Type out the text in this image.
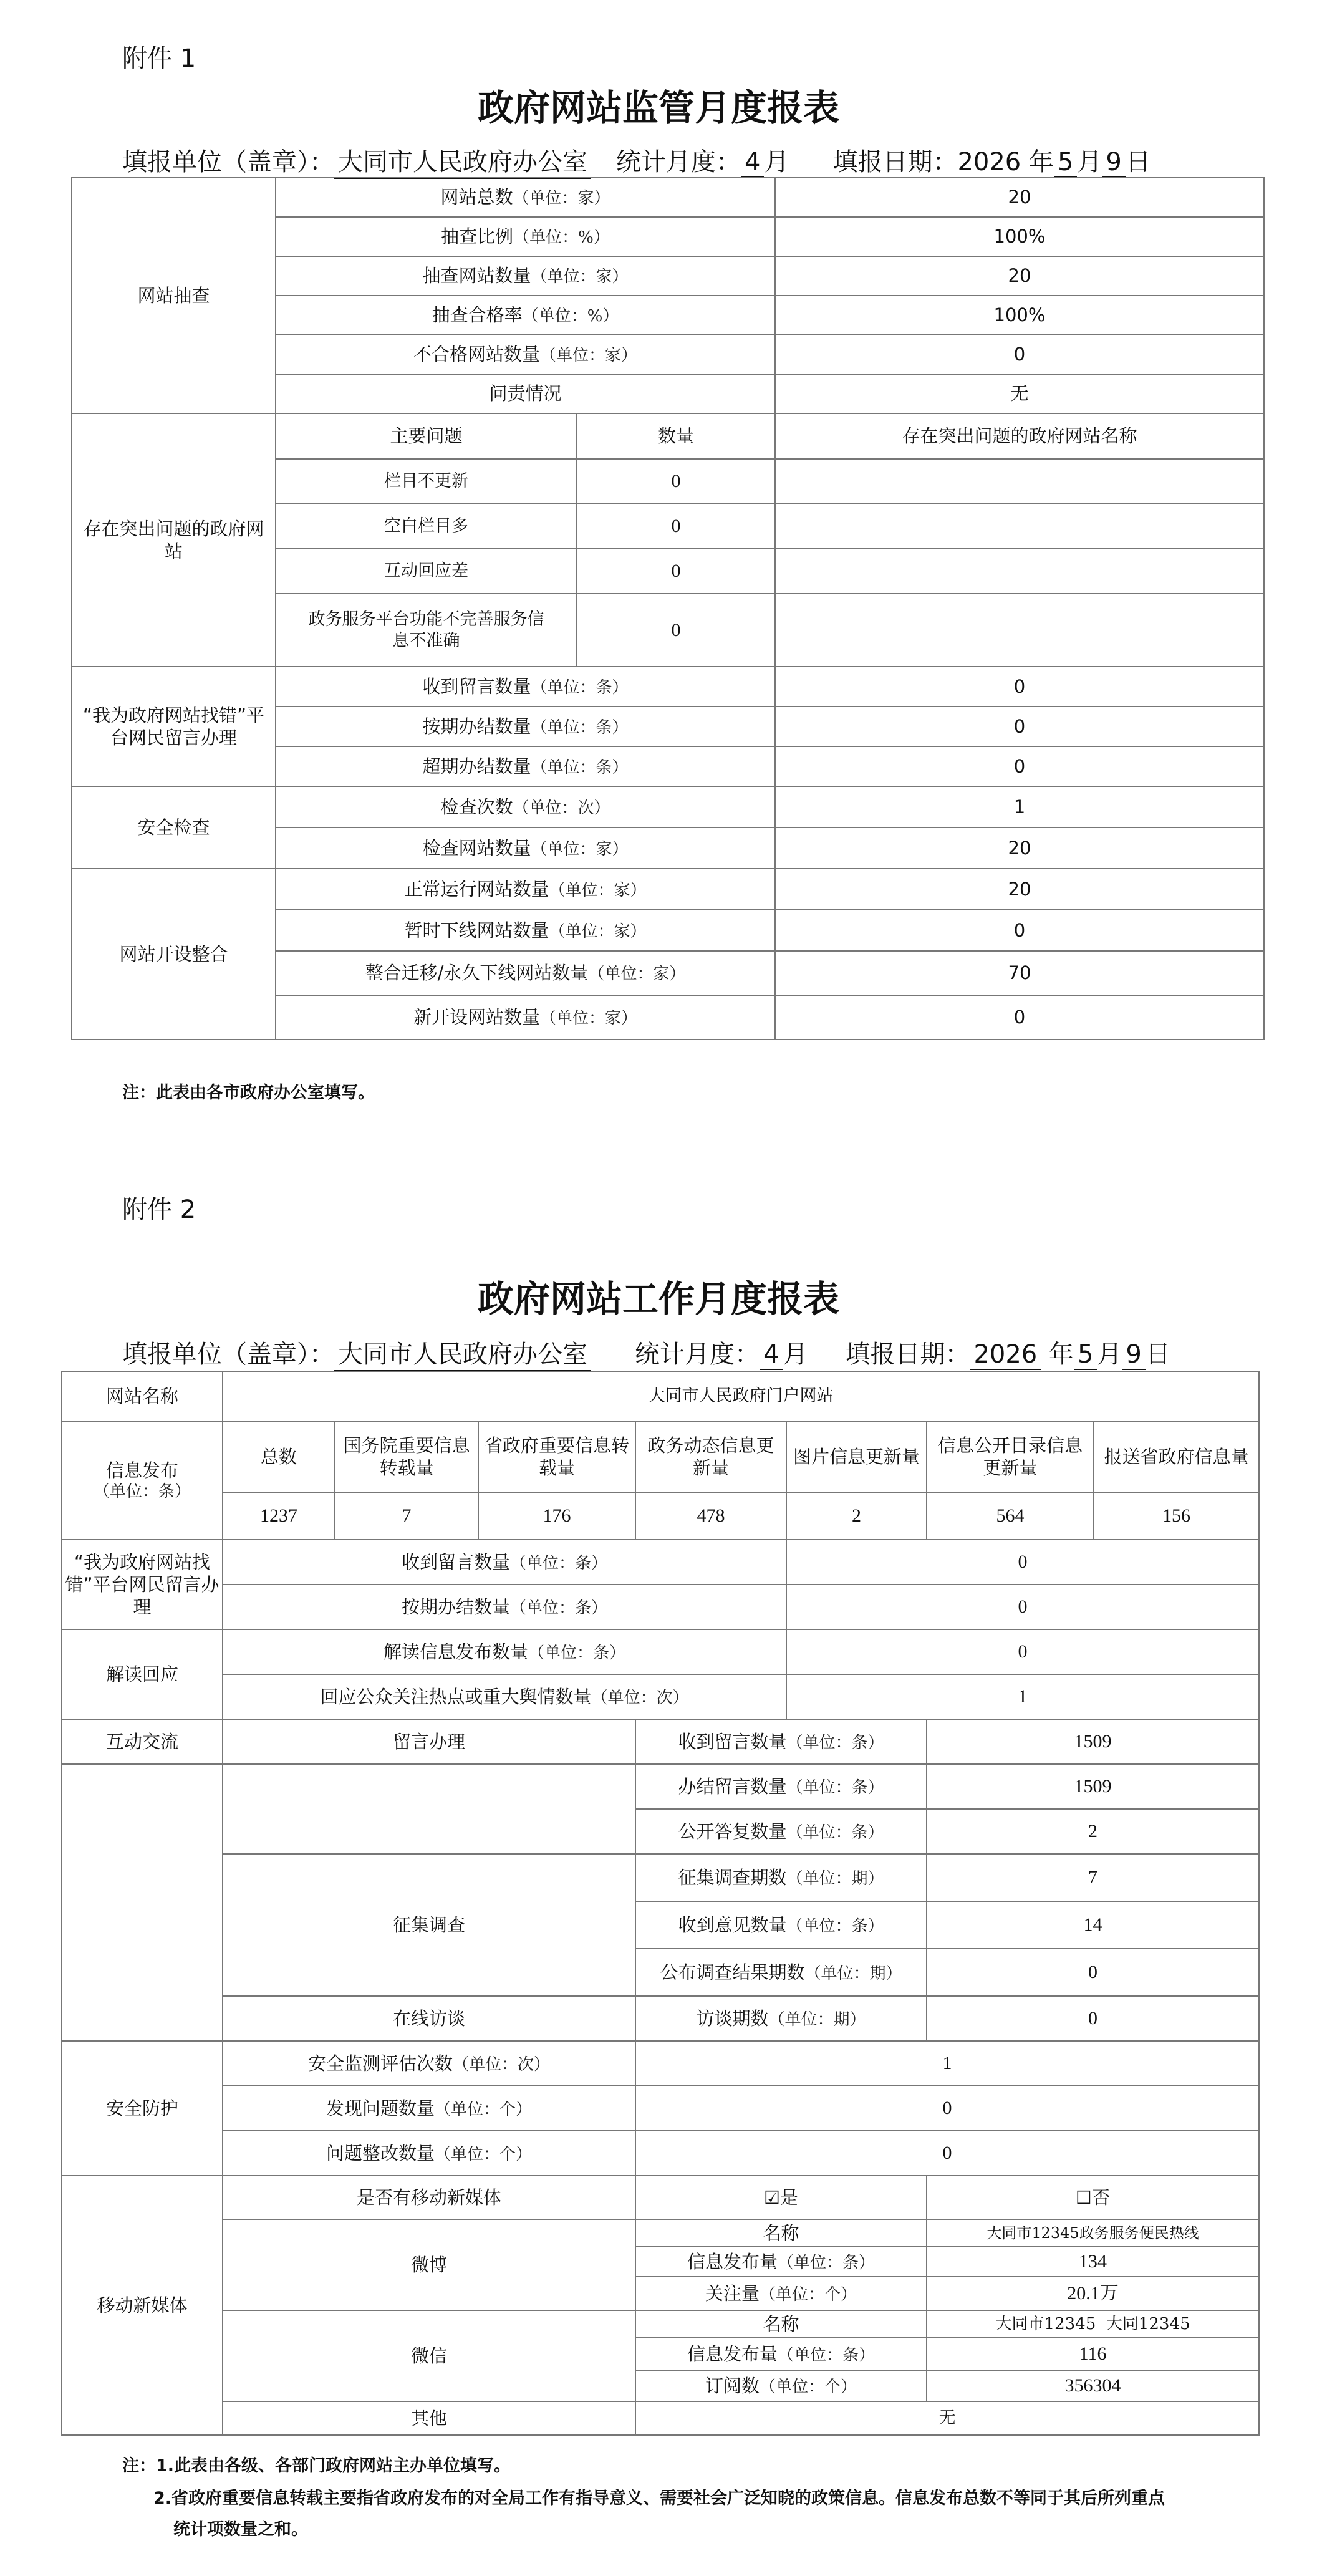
附件 1
政府网站监管月度报表
填报单位（盖章）： 大同市人民政府办公室 统计月度： 4 月 填报日期：2026 年 5 月 9 日
网站抽查	网站总数（单位：家）		20
	抽查比例（单位：%）		100%
	抽查网站数量（单位：家）		20
	抽查合格率（单位：%）		100%
	不合格网站数量（单位：家）		0
	问责情况		无
存在突出问题的政府网站	主要问题	数量	存在突出问题的政府网站名称
	栏目不更新	0	
	空白栏目多	0	
	互动回应差	0	
	政务服务平台功能不完善服务信息不准确	0	
“我为政府网站找错”平台网民留言办理	收到留言数量（单位：条）		0
	按期办结数量（单位：条）		0
	超期办结数量（单位：条）		0
安全检查	检查次数（单位：次）		1
	检查网站数量（单位：家）		20
网站开设整合	正常运行网站数量（单位：家）		20
	暂时下线网站数量（单位：家）		0
	整合迁移/永久下线网站数量（单位：家）		70
	新开设网站数量（单位：家）		0
注：此表由各市政府办公室填写。
附件 2
政府网站工作月度报表
填报单位（盖章）： 大同市人民政府办公室 统计月度： 4 月 填报日期： 2026 年 5 月 9 日
网站名称	大同市人民政府门户网站						

信息发布
（单位：条）	总数	国务院重要信息转载量	省政府重要信息转载量	政务动态信息更新量	图片信息更新量	信息公开目录信息更新量	报送省政府信息量
	1237	7	176	478	2	564	156
“我为政府网站找错”平台网民留言办理	收到留言数量（单位：条）				0		
	按期办结数量（单位：条）				0		
解读回应	解读信息发布数量（单位：条）				0		
	回应公众关注热点或重大舆情数量（单位：次）				1		
互动交流	留言办理			收到留言数量（单位：条）		1509	
				办结留言数量（单位：条）		1509	
				公开答复数量（单位：条）		2	
	征集调查			征集调查期数（单位：期）		7	
				收到意见数量（单位：条）		14	
				公布调查结果期数（单位：期）		0	
	在线访谈			访谈期数（单位：期）		0	
安全防护	安全监测评估次数（单位：次）			1			
	发现问题数量（单位：个）			0			
	问题整改数量（单位：个）			0			
移动新媒体	是否有移动新媒体			☑是		☐否	
	微博			名称		大同市12345政务服务便民热线	
				信息发布量（单位：条）		134	
				关注量（单位：个）		20.1万	
	微信			名称		大同市12345  大同12345	
				信息发布量（单位：条）		116	
				订阅数（单位：个）		356304	
	其他			无			
注：1.此表由各级、各部门政府网站主办单位填写。
2.省政府重要信息转载主要指省政府发布的对全局工作有指导意义、需要社会广泛知晓的政策信息。信息发布总数不等同于其后所列重点
统计项数量之和。
